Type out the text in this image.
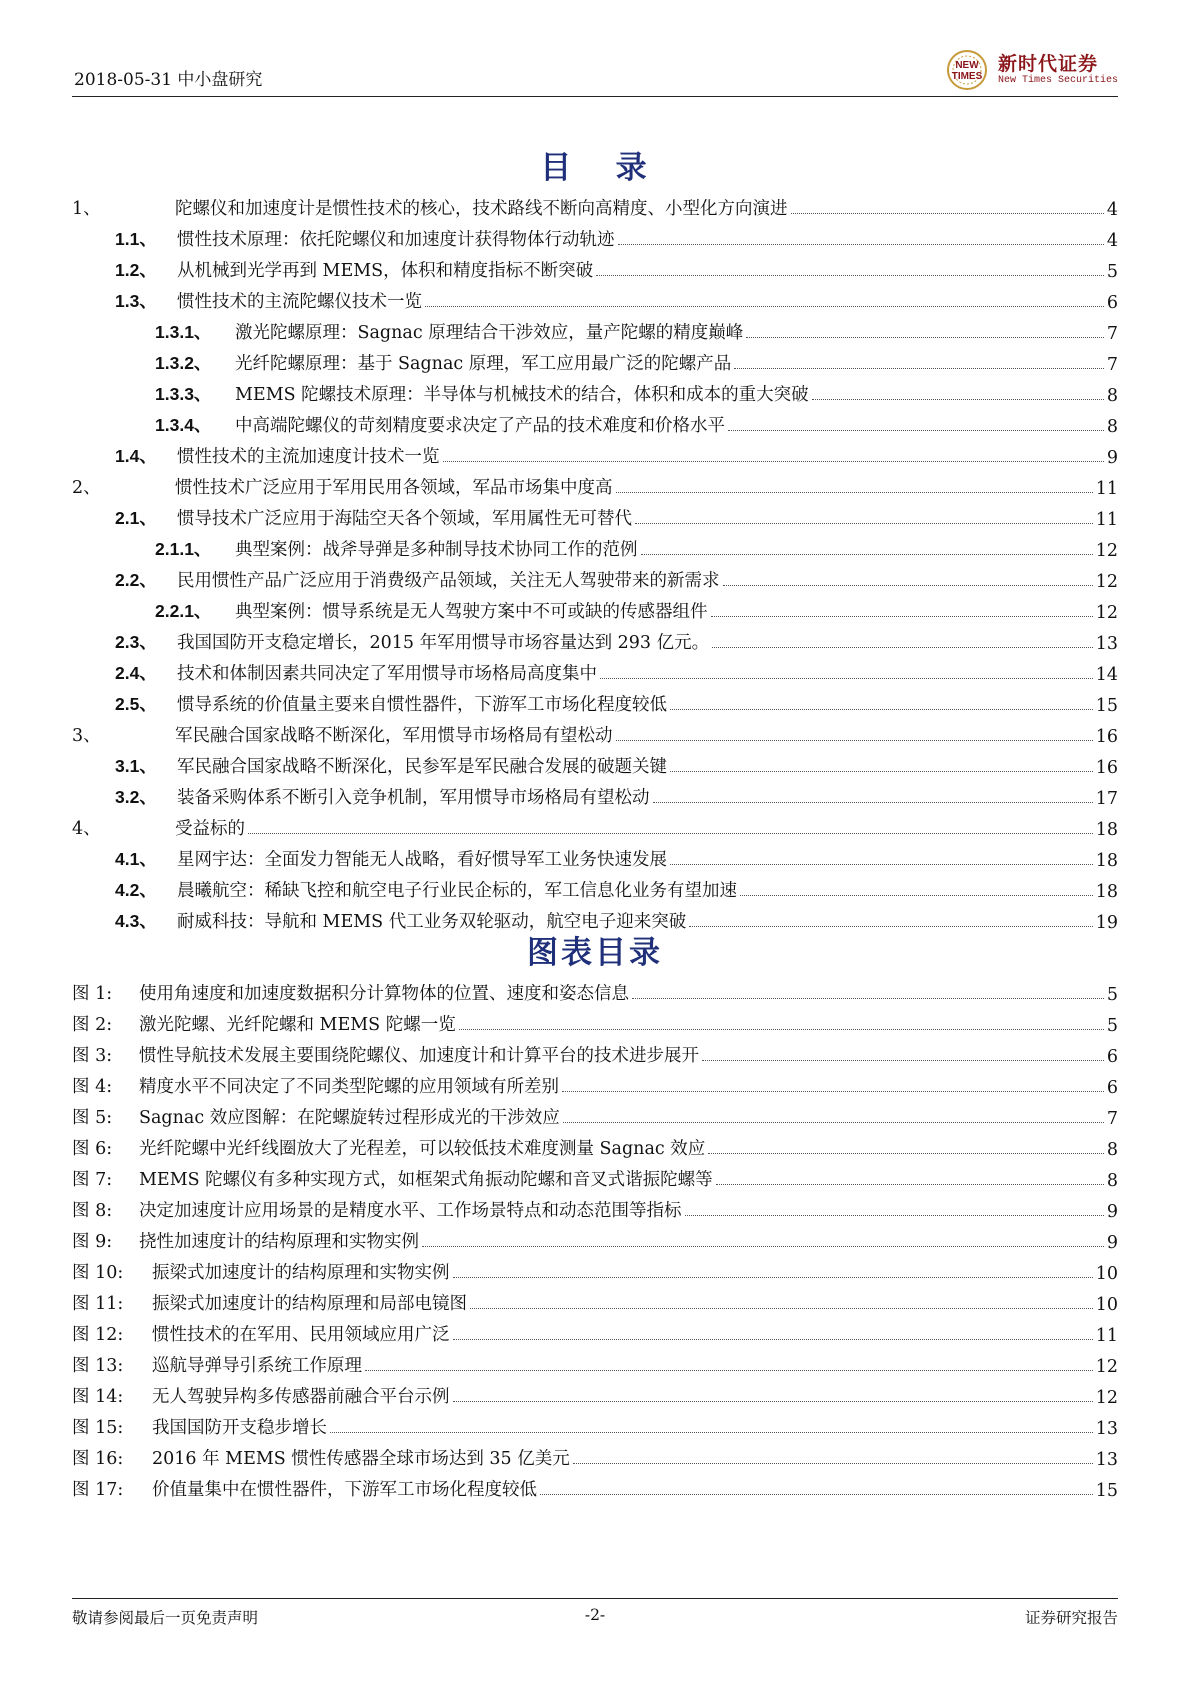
2018-05-31 中小盘研究
NEW
TIMES
新时代证券
New Times Securities
目   录
1、	陀螺仪和加速度计是惯性技术的核心，技术路线不断向高精度、小型化方向演进	4
1.1、	惯性技术原理：依托陀螺仪和加速度计获得物体行动轨迹	4
1.2、	从机械到光学再到 MEMS，体积和精度指标不断突破	5
1.3、	惯性技术的主流陀螺仪技术一览	6
1.3.1、	激光陀螺原理：Sagnac 原理结合干涉效应，量产陀螺的精度巅峰	7
1.3.2、	光纤陀螺原理：基于 Sagnac 原理，军工应用最广泛的陀螺产品	7
1.3.3、	MEMS 陀螺技术原理：半导体与机械技术的结合，体积和成本的重大突破	8
1.3.4、	中高端陀螺仪的苛刻精度要求决定了产品的技术难度和价格水平	8
1.4、	惯性技术的主流加速度计技术一览	9
2、	惯性技术广泛应用于军用民用各领域，军品市场集中度高	11
2.1、	惯导技术广泛应用于海陆空天各个领域，军用属性无可替代	11
2.1.1、	典型案例：战斧导弹是多种制导技术协同工作的范例	12
2.2、	民用惯性产品广泛应用于消费级产品领域，关注无人驾驶带来的新需求	12
2.2.1、	典型案例：惯导系统是无人驾驶方案中不可或缺的传感器组件	12
2.3、	我国国防开支稳定增长，2015 年军用惯导市场容量达到 293 亿元。	13
2.4、	技术和体制因素共同决定了军用惯导市场格局高度集中	14
2.5、	惯导系统的价值量主要来自惯性器件，下游军工市场化程度较低	15
3、	军民融合国家战略不断深化，军用惯导市场格局有望松动	16
3.1、	军民融合国家战略不断深化，民参军是军民融合发展的破题关键	16
3.2、	装备采购体系不断引入竞争机制，军用惯导市场格局有望松动	17
4、	受益标的	18
4.1、	星网宇达：全面发力智能无人战略，看好惯导军工业务快速发展	18
4.2、	晨曦航空：稀缺飞控和航空电子行业民企标的，军工信息化业务有望加速	18
4.3、	耐威科技：导航和 MEMS 代工业务双轮驱动，航空电子迎来突破	19
图表目录
图 1:	使用角速度和加速度数据积分计算物体的位置、速度和姿态信息	5
图 2:	激光陀螺、光纤陀螺和 MEMS 陀螺一览	5
图 3:	惯性导航技术发展主要围绕陀螺仪、加速度计和计算平台的技术进步展开	6
图 4:	精度水平不同决定了不同类型陀螺的应用领域有所差别	6
图 5:	Sagnac 效应图解：在陀螺旋转过程形成光的干涉效应	7
图 6:	光纤陀螺中光纤线圈放大了光程差，可以较低技术难度测量 Sagnac 效应	8
图 7:	MEMS 陀螺仪有多种实现方式，如框架式角振动陀螺和音叉式谐振陀螺等	8
图 8:	决定加速度计应用场景的是精度水平、工作场景特点和动态范围等指标	9
图 9:	挠性加速度计的结构原理和实物实例	9
图 10:	振梁式加速度计的结构原理和实物实例	10
图 11:	振梁式加速度计的结构原理和局部电镜图	10
图 12:	惯性技术的在军用、民用领域应用广泛	11
图 13:	巡航导弹导引系统工作原理	12
图 14:	无人驾驶异构多传感器前融合平台示例	12
图 15:	我国国防开支稳步增长	13
图 16:	2016 年 MEMS 惯性传感器全球市场达到 35 亿美元	13
图 17:	价值量集中在惯性器件，下游军工市场化程度较低	15
敬请参阅最后一页免责声明	-2-	证券研究报告
